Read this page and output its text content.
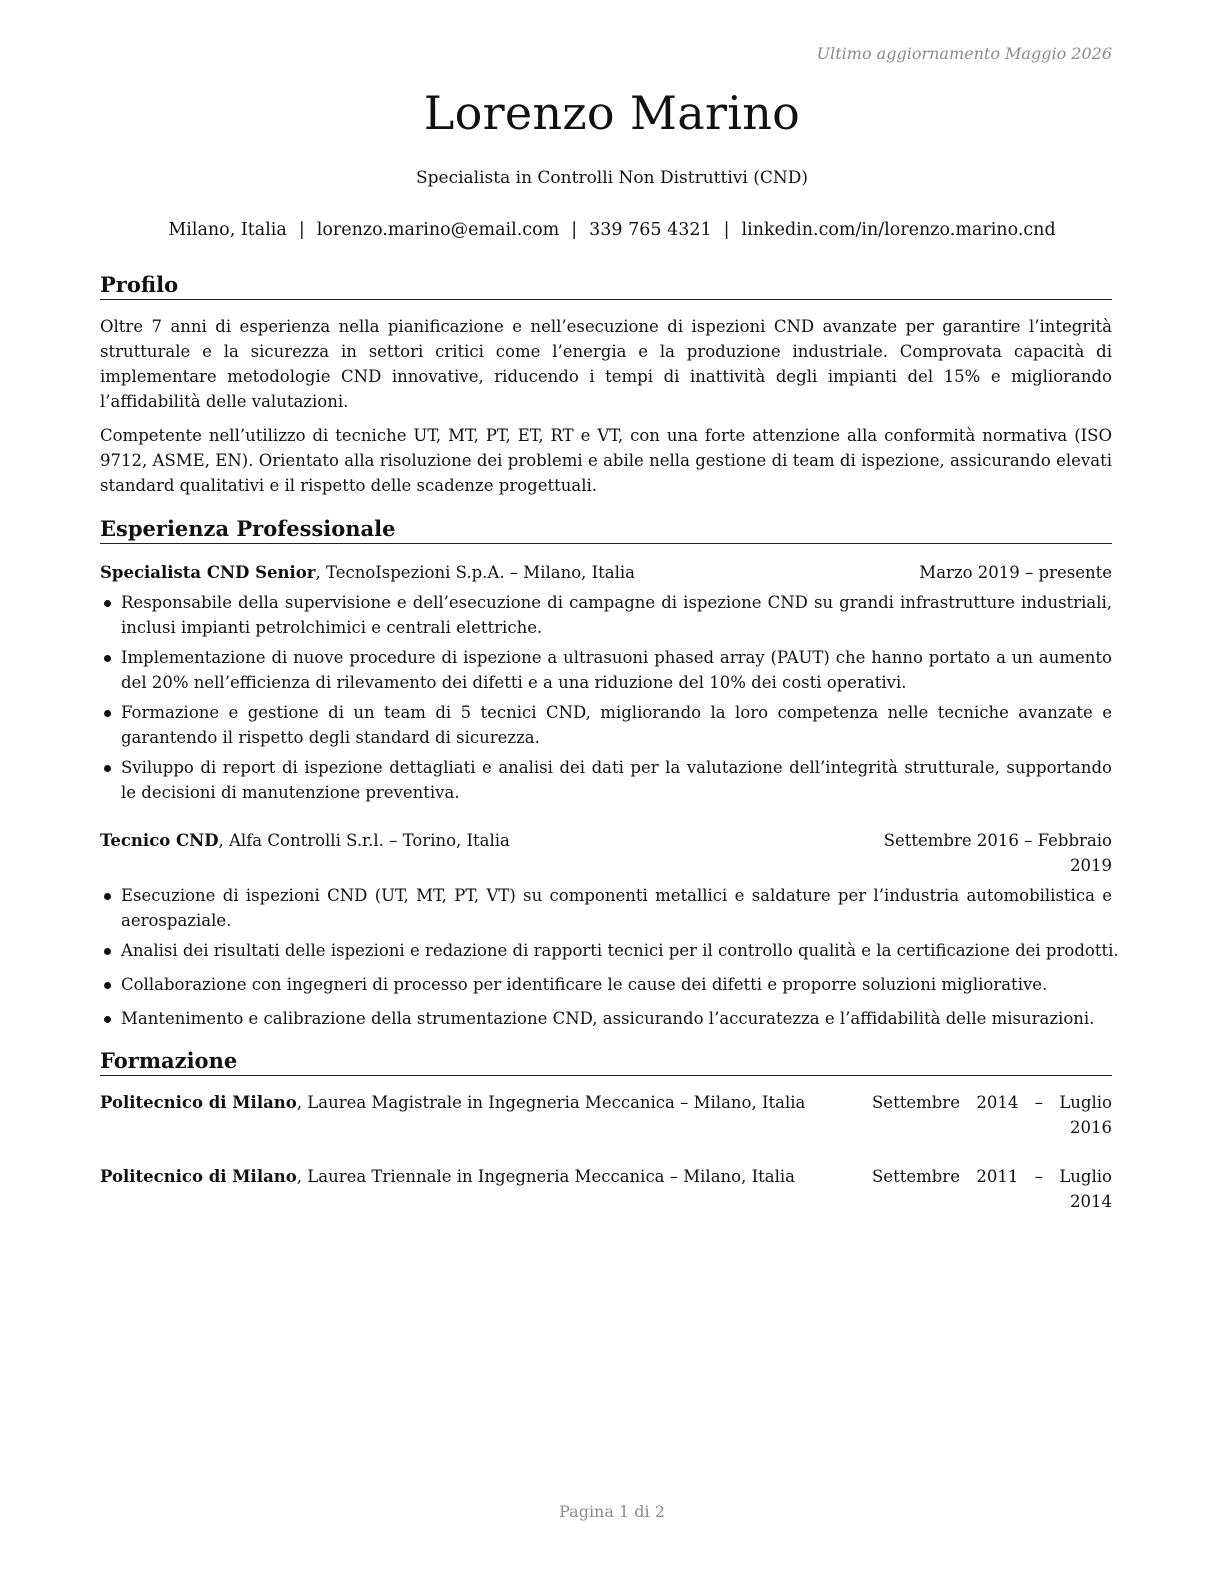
Ultimo aggiornamento Maggio 2026
Lorenzo Marino
Specialista in Controlli Non Distruttivi (CND)
Milano, Italia | lorenzo.marino@email.com | 339 765 4321 | linkedin.com/in/lorenzo.marino.cnd
Profilo

Oltre 7 anni di esperienza nella pianificazione e nell’esecuzione di ispezioni CND avanzate per garantire l’integrità strutturale e la sicurezza in settori critici come l’energia e la produzione industriale. Comprovata capacità di implementare metodologie CND innovative, riducendo i tempi di inattività degli impianti del 15% e migliorando l’affidabilità delle valutazioni.

Competente nell’utilizzo di tecniche UT, MT, PT, ET, RT e VT, con una forte attenzione alla conformità normativa (ISO 9712, ASME, EN). Orientato alla risoluzione dei problemi e abile nella gestione di team di ispezione, assicurando elevati standard qualitativi e il rispetto delle scadenze progettuali.

Esperienza Professionale
Specialista CND Senior, TecnoIspezioni S.p.A. – Milano, Italia	Marzo 2019 – presente
Responsabile della supervisione e dell’esecuzione di campagne di ispezione CND su grandi infrastrutture industriali, inclusi impianti petrolchimici e centrali elettriche.
Implementazione di nuove procedure di ispezione a ultrasuoni phased array (PAUT) che hanno portato a un aumento del 20% nell’efficienza di rilevamento dei difetti e a una riduzione del 10% dei costi operativi.
Formazione e gestione di un team di 5 tecnici CND, migliorando la loro competenza nelle tecniche avanzate e garantendo il rispetto degli standard di sicurezza.
Sviluppo di report di ispezione dettagliati e analisi dei dati per la valutazione dell’integrità strutturale, supportando le decisioni di manutenzione preventiva.
Tecnico CND, Alfa Controlli S.r.l. – Torino, Italia	Settembre 2016 – Febbraio 2019
Esecuzione di ispezioni CND (UT, MT, PT, VT) su componenti metallici e saldature per l’industria automobilistica e aerospaziale.
Analisi dei risultati delle ispezioni e redazione di rapporti tecnici per il controllo qualità e la certificazione dei prodotti.
Collaborazione con ingegneri di processo per identificare le cause dei difetti e proporre soluzioni migliorative.
Mantenimento e calibrazione della strumentazione CND, assicurando l’accuratezza e l’affidabilità delle misurazioni.
Formazione
Politecnico di Milano, Laurea Magistrale in Ingegneria Meccanica – Milano, Italia	Settembre 2014 – Luglio 2016
Politecnico di Milano, Laurea Triennale in Ingegneria Meccanica – Milano, Italia	Settembre 2011 – Luglio 2014
Pagina 1 di 2
